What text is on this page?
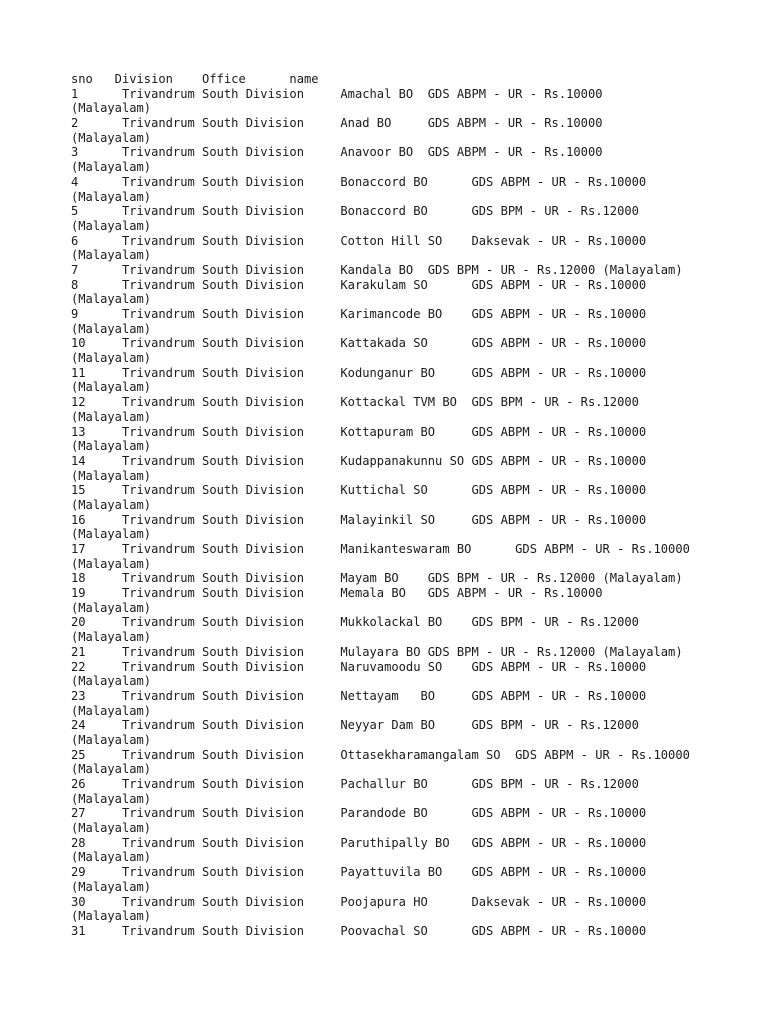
sno   Division    Office      name
1      Trivandrum South Division     Amachal BO  GDS ABPM - UR - Rs.10000
(Malayalam)
2      Trivandrum South Division     Anad BO     GDS ABPM - UR - Rs.10000
(Malayalam)
3      Trivandrum South Division     Anavoor BO  GDS ABPM - UR - Rs.10000
(Malayalam)
4      Trivandrum South Division     Bonaccord BO      GDS ABPM - UR - Rs.10000
(Malayalam)
5      Trivandrum South Division     Bonaccord BO      GDS BPM - UR - Rs.12000
(Malayalam)
6      Trivandrum South Division     Cotton Hill SO    Daksevak - UR - Rs.10000
(Malayalam)
7      Trivandrum South Division     Kandala BO  GDS BPM - UR - Rs.12000 (Malayalam)
8      Trivandrum South Division     Karakulam SO      GDS ABPM - UR - Rs.10000
(Malayalam)
9      Trivandrum South Division     Karimancode BO    GDS ABPM - UR - Rs.10000
(Malayalam)
10     Trivandrum South Division     Kattakada SO      GDS ABPM - UR - Rs.10000
(Malayalam)
11     Trivandrum South Division     Kodunganur BO     GDS ABPM - UR - Rs.10000
(Malayalam)
12     Trivandrum South Division     Kottackal TVM BO  GDS BPM - UR - Rs.12000
(Malayalam)
13     Trivandrum South Division     Kottapuram BO     GDS ABPM - UR - Rs.10000
(Malayalam)
14     Trivandrum South Division     Kudappanakunnu SO GDS ABPM - UR - Rs.10000
(Malayalam)
15     Trivandrum South Division     Kuttichal SO      GDS ABPM - UR - Rs.10000
(Malayalam)
16     Trivandrum South Division     Malayinkil SO     GDS ABPM - UR - Rs.10000
(Malayalam)
17     Trivandrum South Division     Manikanteswaram BO      GDS ABPM - UR - Rs.10000
(Malayalam)
18     Trivandrum South Division     Mayam BO    GDS BPM - UR - Rs.12000 (Malayalam)
19     Trivandrum South Division     Memala BO   GDS ABPM - UR - Rs.10000
(Malayalam)
20     Trivandrum South Division     Mukkolackal BO    GDS BPM - UR - Rs.12000
(Malayalam)
21     Trivandrum South Division     Mulayara BO GDS BPM - UR - Rs.12000 (Malayalam)
22     Trivandrum South Division     Naruvamoodu SO    GDS ABPM - UR - Rs.10000
(Malayalam)
23     Trivandrum South Division     Nettayam   BO     GDS ABPM - UR - Rs.10000
(Malayalam)
24     Trivandrum South Division     Neyyar Dam BO     GDS BPM - UR - Rs.12000
(Malayalam)
25     Trivandrum South Division     Ottasekharamangalam SO  GDS ABPM - UR - Rs.10000
(Malayalam)
26     Trivandrum South Division     Pachallur BO      GDS BPM - UR - Rs.12000
(Malayalam)
27     Trivandrum South Division     Parandode BO      GDS ABPM - UR - Rs.10000
(Malayalam)
28     Trivandrum South Division     Paruthipally BO   GDS ABPM - UR - Rs.10000
(Malayalam)
29     Trivandrum South Division     Payattuvila BO    GDS ABPM - UR - Rs.10000
(Malayalam)
30     Trivandrum South Division     Poojapura HO      Daksevak - UR - Rs.10000
(Malayalam)
31     Trivandrum South Division     Poovachal SO      GDS ABPM - UR - Rs.10000
